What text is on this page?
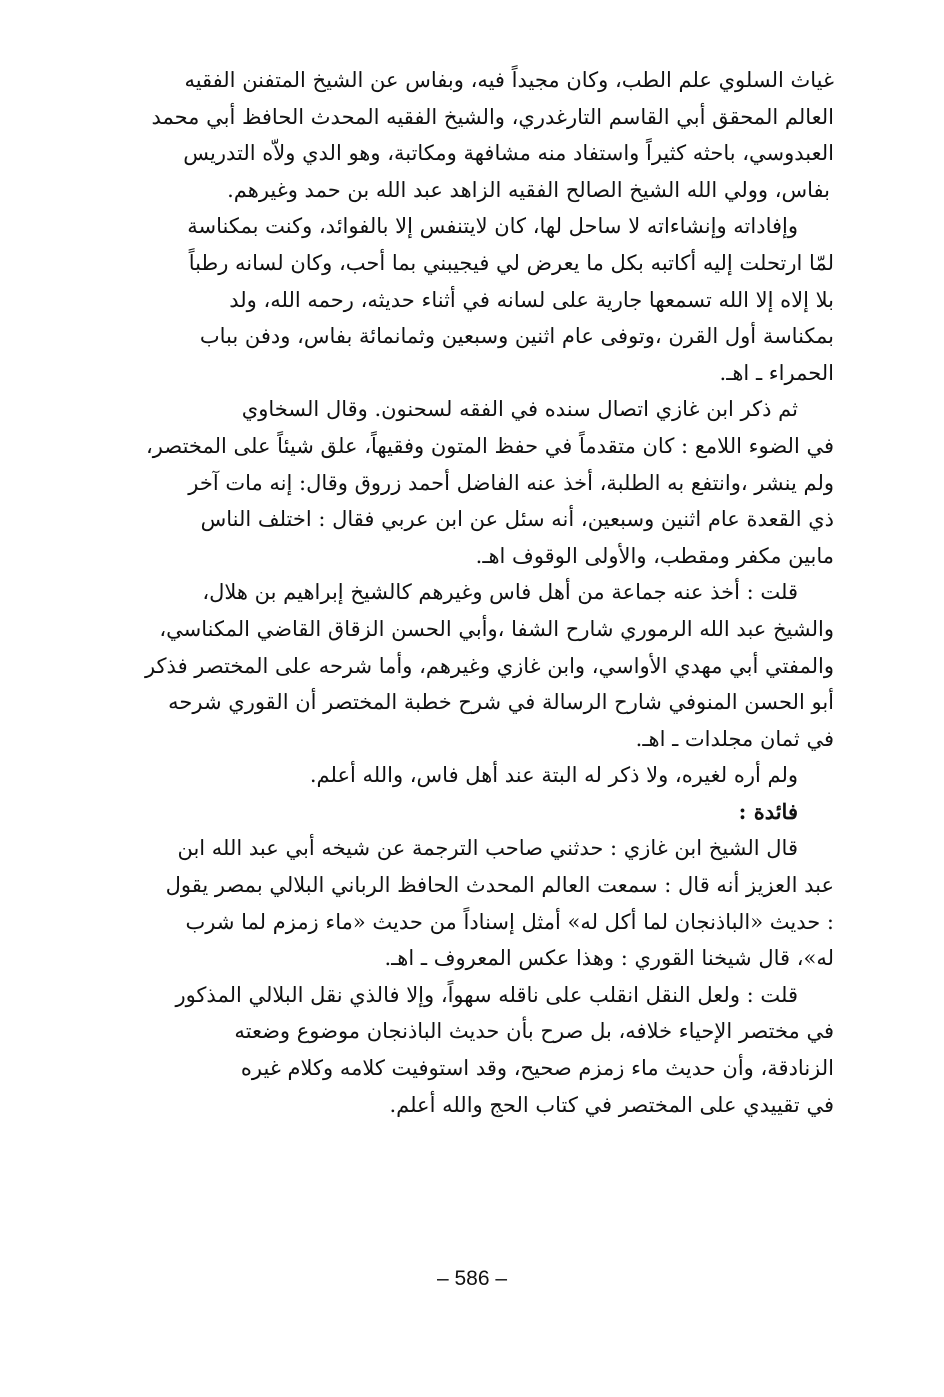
غياث السلوي علم الطب، وكان مجيداً فيه، وبفاس عن الشيخ المتفنن الفقيه
العالم المحقق أبي القاسم التارغدري، والشيخ الفقيه المحدث الحافظ أبي محمد
العبدوسي، باحثه كثيراً واستفاد منه مشافهة ومكاتبة، وهو الدي ولاّه التدريس
بفاس، وولي الله الشيخ الصالح الفقيه الزاهد عبد الله بن حمد وغيرهم.
وإفاداته وإنشاءاته لا ساحل لها، كان لايتنفس إلا بالفوائد، وكنت بمكناسة
لمّا ارتحلت إليه أكاتبه بكل ما يعرض لي فيجيبني بما أحب، وكان لسانه رطباً
بلا إلاه إلا الله تسمعها جارية على لسانه في أثناء حديثه، رحمه الله، ولد
بمكناسة أول القرن ،وتوفى عام اثنين وسبعين وثمانمائة بفاس، ودفن بباب
الحمراء ـ اهـ.
ثم ذكر ابن غازي اتصال سنده في الفقه لسحنون. وقال السخاوي
في الضوء اللامع : كان متقدماً في حفظ المتون وفقيهاً، علق شيئاً على المختصر،
ولم ينشر ،وانتفع به الطلبة، أخذ عنه الفاضل أحمد زروق وقال: إنه مات آخر
ذي القعدة عام اثنين وسبعين، أنه سئل عن ابن عربي فقال : اختلف الناس
مابين مكفر ومقطب، والأولى الوقوف اهـ.
قلت : أخذ عنه جماعة من أهل فاس وغيرهم كالشيخ إبراهيم بن هلال،
والشيخ عبد الله الرموري شارح الشفا ،وأبي الحسن الزقاق القاضي المكناسي،
والمفتي أبي مهدي الأواسي، وابن غازي وغيرهم، وأما شرحه على المختصر فذكر
أبو الحسن المنوفي شارح الرسالة في شرح خطبة المختصر أن القوري شرحه
في ثمان مجلدات ـ اهـ.
ولم أره لغيره، ولا ذكر له البتة عند أهل فاس، والله أعلم.
فائدة :
قال الشيخ ابن غازي : حدثني صاحب الترجمة عن شيخه أبي عبد الله ابن
عبد العزيز أنه قال : سمعت العالم المحدث الحافظ الرباني البلالي بمصر يقول
: حديث «الباذنجان لما أكل له» أمثل إسناداً من حديث «ماء زمزم لما شرب
له»، قال شيخنا القوري : وهذا عكس المعروف ـ اهـ.
قلت : ولعل النقل انقلب على ناقله سهواً، وإلا فالذي نقل البلالي المذكور
في مختصر الإحياء خلافه، بل صرح بأن حديث الباذنجان موضوع وضعته
الزنادقة، وأن حديث ماء زمزم صحيح، وقد استوفيت كلامه وكلام غيره
في تقييدي على المختصر في كتاب الحج والله أعلم.
– 586 –
